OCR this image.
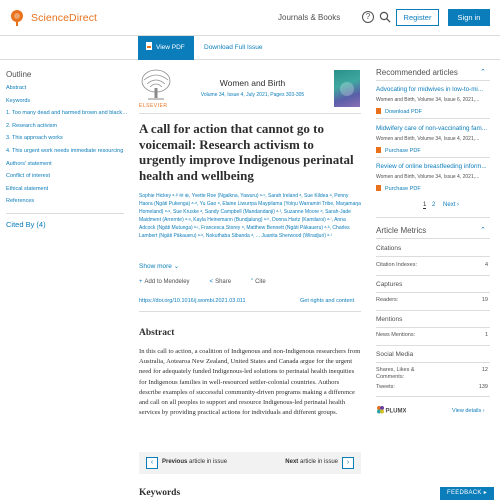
ScienceDirect	Journals & Books	?	Register	Sign in
View PDF	Download Full Issue
Outline
Abstract
Keywords
1. Too many dead and harmed brown and black…
2. Research activism
3. This approach works
4. This urgent work needs immediate resourcing
Authors' statement
Conflict of interest
Ethical statement
References
Cited By (4)
ELSEVIER
Women and Birth
Volume 34, Issue 4, July 2021, Pages 303-305
A call for action that cannot go to voicemail: Research activism to urgently improve Indigenous perinatal health and wellbeing
Sophie Hickey ᵃ·ᵝ ✉ ⊕, Yvette Roe (Ngalkna, Yawuru) ᵃ·ᶜ, Sarah Ireland ᵃ, Sue Kildea ᵃ, Penny Haora (Ngāti Pukenga) ᵃ·ᵈ, Yu Gao ᵃ, Elaine Liwurrpa Maypilama (Yolŋu Warramiri Tribe, Maŋamaŋa Homeland) ᵃ·ᵉ, Sue Kruske ᵃ, Sandy Campbell (Mandandanji) ᵃ·ᶠ, Suzanne Moore ᵃ, Sarah-Jade Maidment (Arrernte) ᵃ·ᵍ, Kayla Heinemann (Bundjalung) ᵃ·ʰ, Donna Hartz (Kamilaroi) ᵃ·ⁱ, Anna Adcock (Ngāti Mutunga) ᵃ·ʲ, Francesca Storey ᵃ, Matthew Bennett (Ngāti Pākaueru) ᵃ·ᵏ, Charles Lambert (Ngāti Pākaueru) ᵃ·ᵏ, Nokuthaba Sibanda ᵃ, ... Juanita Sherwood (Wiradjuri) ᵃ·ˡ
Show more ⌄
+ Add to Mendeley	< Share	” Cite
https://doi.org/10.1016/j.wombi.2021.03.011	Get rights and content
Abstract

In this call to action, a coalition of Indigenous and non-Indigenous researchers from Australia, Aotearoa New Zealand, United States and Canada argue for the urgent need for adequately funded Indigenous-led solutions to perinatal health inequities for Indigenous families in well-resourced settler-colonial countries. Authors describe examples of successful community-driven programs making a difference and call on all peoples to support and resource Indigenous-led perinatal health services by providing practical actions for individuals and different groups.

‹	Previous article in issue	Next article in issue	›
Keywords
Recommended articles	⌃
Advocating for midwives in low-to-mi...
Women and Birth, Volume 34, Issue 6, 2021,...
Download PDF
Midwifery care of non-vaccinating fam...
Women and Birth, Volume 34, Issue 4, 2021,...
Purchase PDF
Review of online breastfeeding inform...
Women and Birth, Volume 34, Issue 4, 2021,...
Purchase PDF
1 2 Next ›
Article Metrics	⌃
Citations
Citation Indexes:	4
Captures
Readers:	19
Mentions
News Mentions:	1
Social Media
Shares, Likes & Comments:
12
Tweets:	139
PLUMX	View details ›
FEEDBACK ▸
